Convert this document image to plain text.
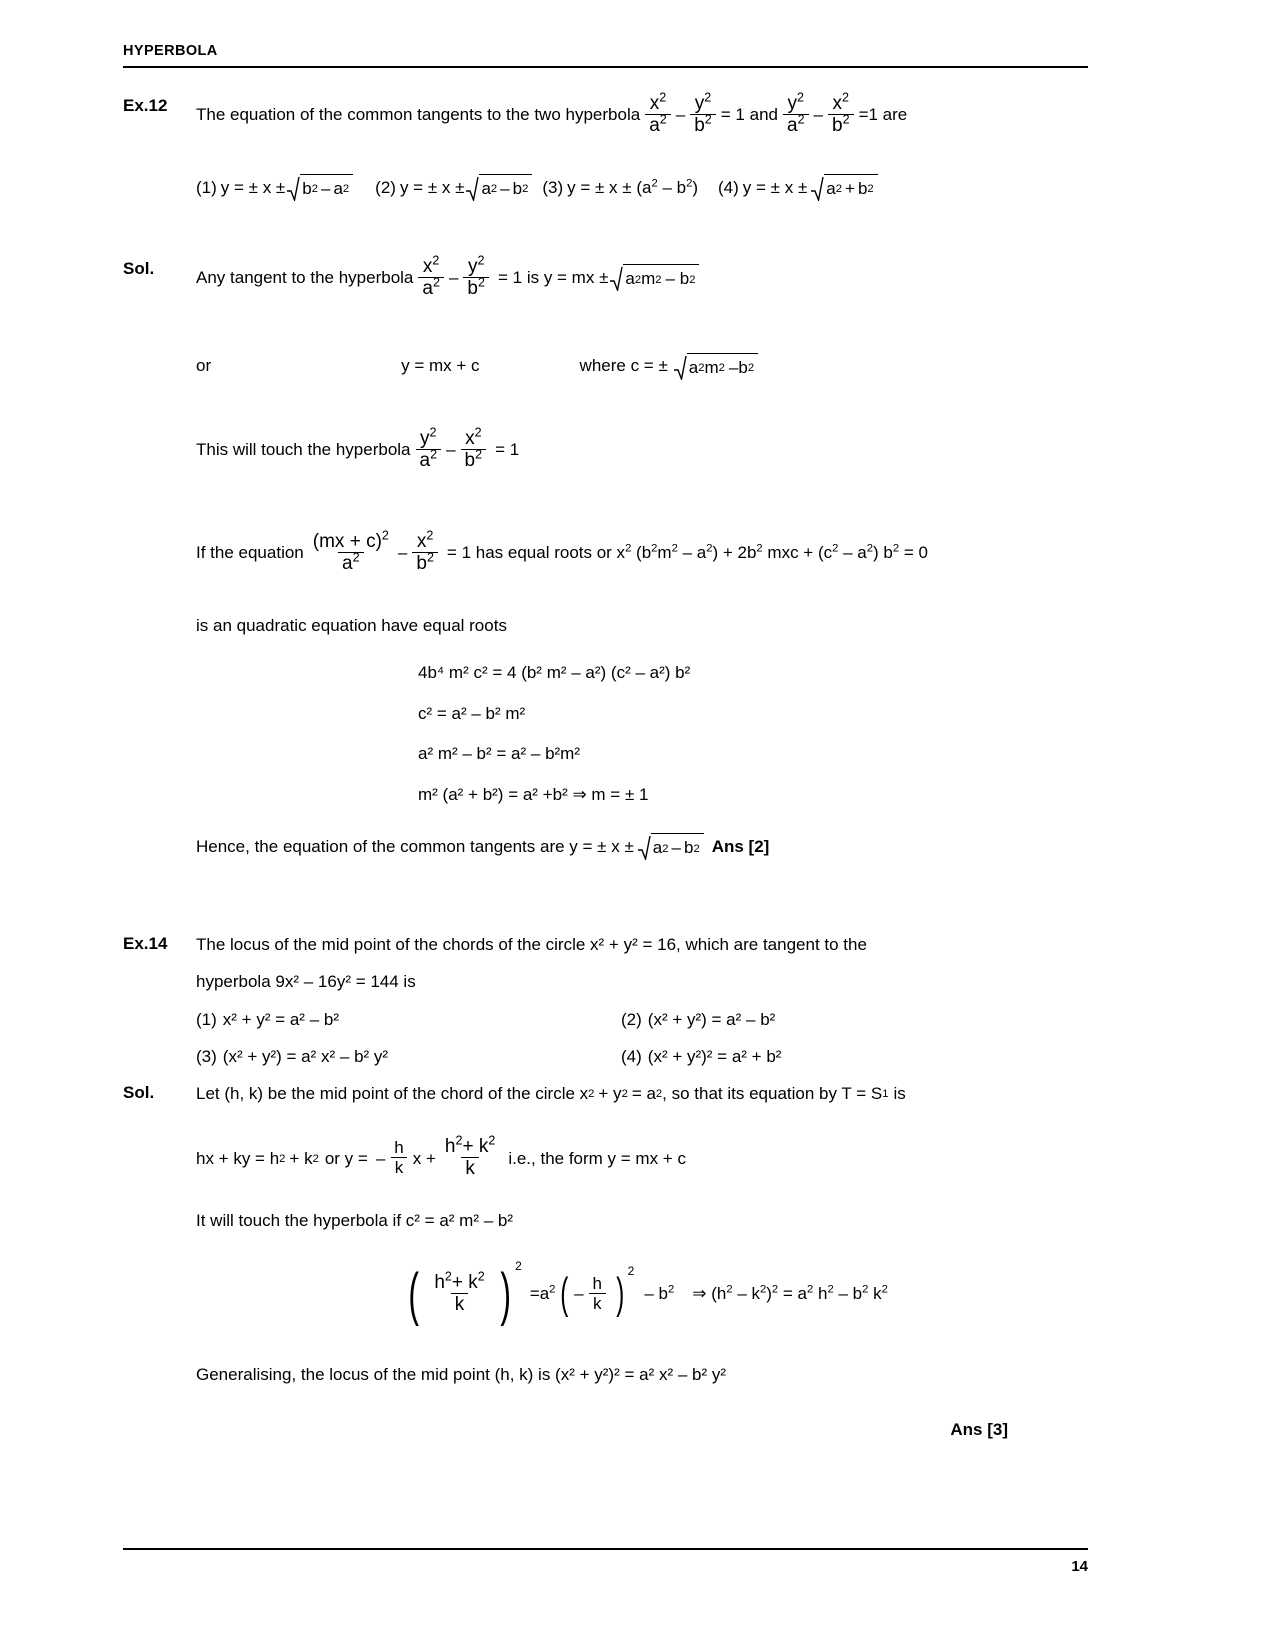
HYPERBOLA
Ex.12	The equation of the common tangents to the two hyperbola $\frac{x^2}{a^2} - \frac{y^2}{b^2} = 1$ and $\frac{y^2}{a^2} - \frac{x^2}{b^2} =1$ are
(1) y = ± x ± b 2 – a 2 (2) y = ± x ± a 2 – b 2 (3) y = ± $x \pm (a^2 - b^2)$ (4) y = ± x ± a 2 + b 2
Sol.	Any tangent to the hyperbola $\frac{x^2}{a^2} - \frac{y^2}{b^2} = 1$ is y = mx ± a 2 m 2 – b 2
or	y = mx + c	where c = ± a 2 m 2 – b 2
This will touch the hyperbola $\frac{y^2}{a^2} - \frac{x^2}{b^2} = 1$
If the equation $\frac{(mx + c)^2}{a^2} - \frac{x^2}{b^2} = 1$ has equal roots or $x^2$ $(b^2m^2 - a^2) + 2b^2$ mxc + $(c^2 - a^2) b^2 = 0$
is an quadratic equation have equal roots
4b⁴ m² c² = 4 (b² m² – a²) (c² – a²) b²
c² = a² – b² m²
a² m² – b² = a² – b²m²
m² (a² + b²) = a² +b² ⇒ m = ± 1
Hence, the equation of the common tangents are y = ± x ± a 2 – b 2 Ans [2]
Ex.14	The locus of the mid point of the chords of the circle x² + y² = 16, which are tangent to the
hyperbola 9x² – 16y² = 144 is
(1) x² + y² = a² – b²	(2) (x² + y²) = a² – b²
(3) (x² + y²) = a² x² – b² y²	(4) (x² + y²)² = a² + b²
Sol.	Let (h, k) be the mid point of the chord of the circle x 2 + y 2 = a 2 , so that its equation by T = S 1 is
hx + ky = h 2 + k 2 or y = – $\frac{h}{k}$ $x + \frac{h^2+ k^2}{k} i.e$., the form y = mx + c
It will touch the hyperbola if c² = a² m² – b²
( $\frac{h^2+ k^2}{k}$ ) 2
$=a^2$ ( – $\frac{h}{k}$ ) 2
– $b^2$ ⇒ $(h^2 - k^2)^2 = a^2$ $h^2 - b^2$ $k^2$
Generalising, the locus of the mid point (h, k) is (x² + y²)² = a² x² – b² y²
Ans [3]
14
